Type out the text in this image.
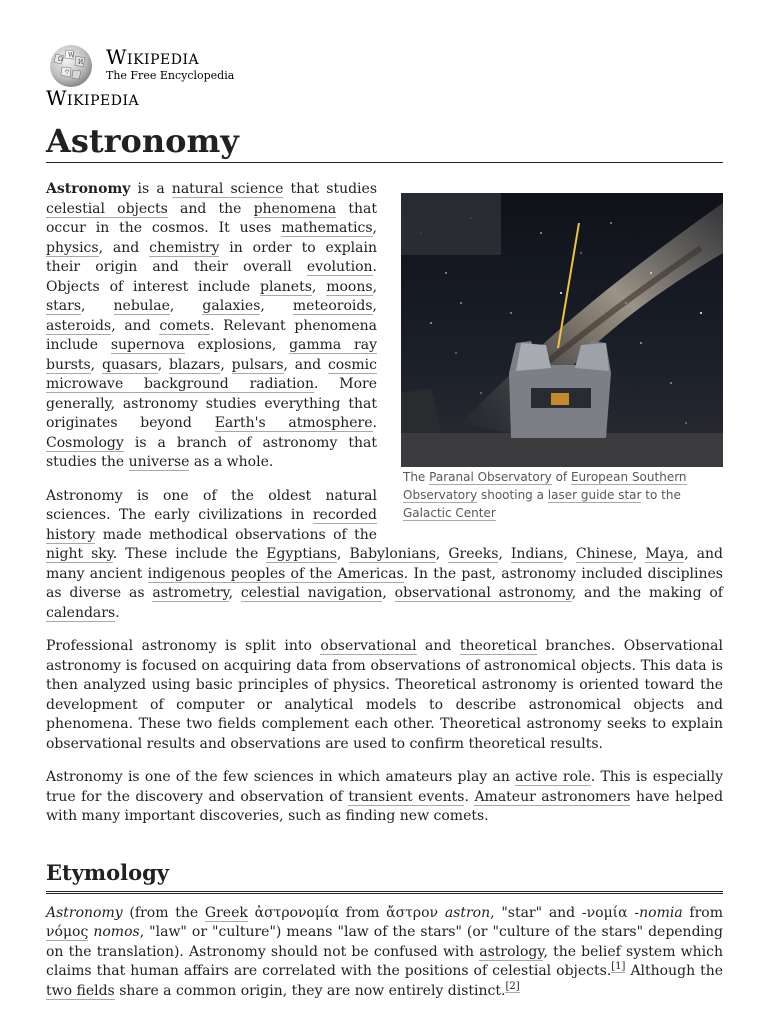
Ω
W
И
ウ
Wikipedia
The Free Encyclopedia
Wikipedia
Astronomy
The Paranal Observatory of European Southern Observatory shooting a laser guide star to the Galactic Center

Astronomy is a natural science that studies celestial objects and the phenomena that occur in the cosmos. It uses mathematics, physics, and chemistry in order to explain their origin and their overall evolution. Objects of interest include planets, moons, stars, nebulae, galaxies, meteoroids, asteroids, and comets. Relevant phenomena include supernova explosions, gamma ray bursts, quasars, blazars, pulsars, and cosmic microwave background radiation. More generally, astronomy studies everything that originates beyond Earth's atmosphere. Cosmology is a branch of astronomy that studies the universe as a whole.

Astronomy is one of the oldest natural sciences. The early civilizations in recorded history made methodical observations of the night sky. These include the Egyptians, Babylonians, Greeks, Indians, Chinese, Maya, and many ancient indigenous peoples of the Americas. In the past, astronomy included disciplines as diverse as astrometry, celestial navigation, observational astronomy, and the making of calendars.

Professional astronomy is split into observational and theoretical branches. Observational astronomy is focused on acquiring data from observations of astronomical objects. This data is then analyzed using basic principles of physics. Theoretical astronomy is oriented toward the development of computer or analytical models to describe astronomical objects and phenomena. These two fields complement each other. Theoretical astronomy seeks to explain observational results and observations are used to confirm theoretical results.

Astronomy is one of the few sciences in which amateurs play an active role. This is especially true for the discovery and observation of transient events. Amateur astronomers have helped with many important discoveries, such as finding new comets.

Etymology

Astronomy (from the Greek ἀστρονομία from ἄστρον astron, "star" and -νομία -nomia from νόμος nomos, "law" or "culture") means "law of the stars" (or "culture of the stars" depending on the translation). Astronomy should not be confused with astrology, the belief system which claims that human affairs are correlated with the positions of celestial objects.[1] Although the two fields share a common origin, they are now entirely distinct.[2]
